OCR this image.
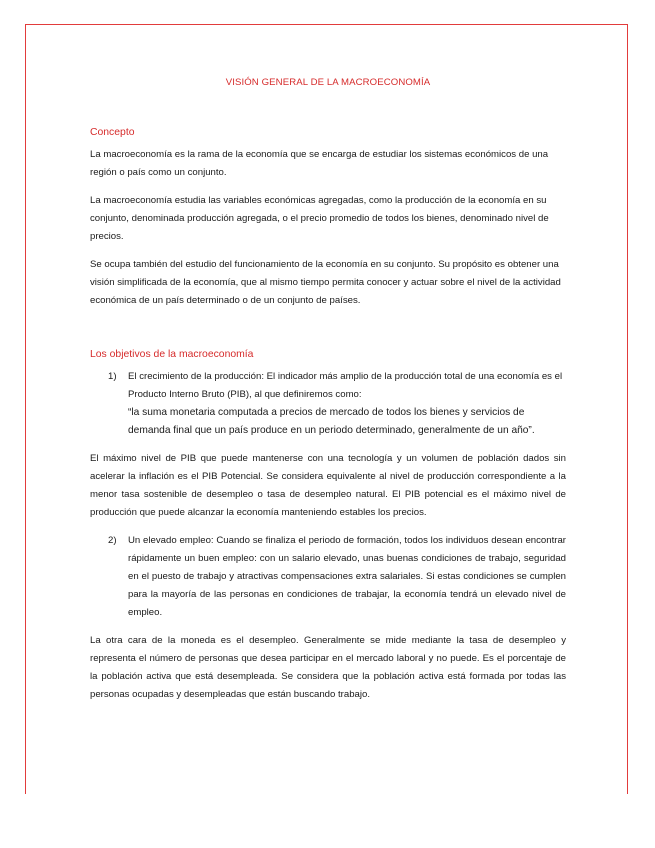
VISIÓN GENERAL DE LA MACROECONOMÍA
Concepto

La macroeconomía es la rama de la economía que se encarga de estudiar los sistemas económicos de una región o país como un conjunto.

La macroeconomía estudia las variables económicas agregadas, como la producción de la economía en su conjunto, denominada producción agregada, o el precio promedio de todos los bienes, denominado nivel de precios.

Se ocupa también del estudio del funcionamiento de la economía en su conjunto. Su propósito es obtener una visión simplificada de la economía, que al mismo tiempo permita conocer y actuar sobre el nivel de la actividad económica de un país determinado o de un conjunto de países.

Los objetivos de la macroeconomía
1)	El crecimiento de la producción: El indicador más amplio de la producción total de una economía es el Producto Interno Bruto (PIB), al que definiremos como:
“la suma monetaria computada a precios de mercado de todos los bienes y servicios de demanda final que un país produce en un periodo determinado, generalmente de un año”.

El máximo nivel de PIB que puede mantenerse con una tecnología y un volumen de población dados sin acelerar la inflación es el PIB Potencial. Se considera equivalente al nivel de producción correspondiente a la menor tasa sostenible de desempleo o tasa de desempleo natural. El PIB potencial es el máximo nivel de producción que puede alcanzar la economía manteniendo estables los precios.

2)	Un elevado empleo: Cuando se finaliza el periodo de formación, todos los individuos desean encontrar rápidamente un buen empleo: con un salario elevado, unas buenas condiciones de trabajo, seguridad en el puesto de trabajo y atractivas compensaciones extra salariales. Si estas condiciones se cumplen para la mayoría de las personas en condiciones de trabajar, la economía tendrá un elevado nivel de empleo.

La otra cara de la moneda es el desempleo. Generalmente se mide mediante la tasa de desempleo y representa el número de personas que desea participar en el mercado laboral y no puede. Es el porcentaje de la población activa que está desempleada. Se considera que la población activa está formada por todas las personas ocupadas y desempleadas que están buscando trabajo.
